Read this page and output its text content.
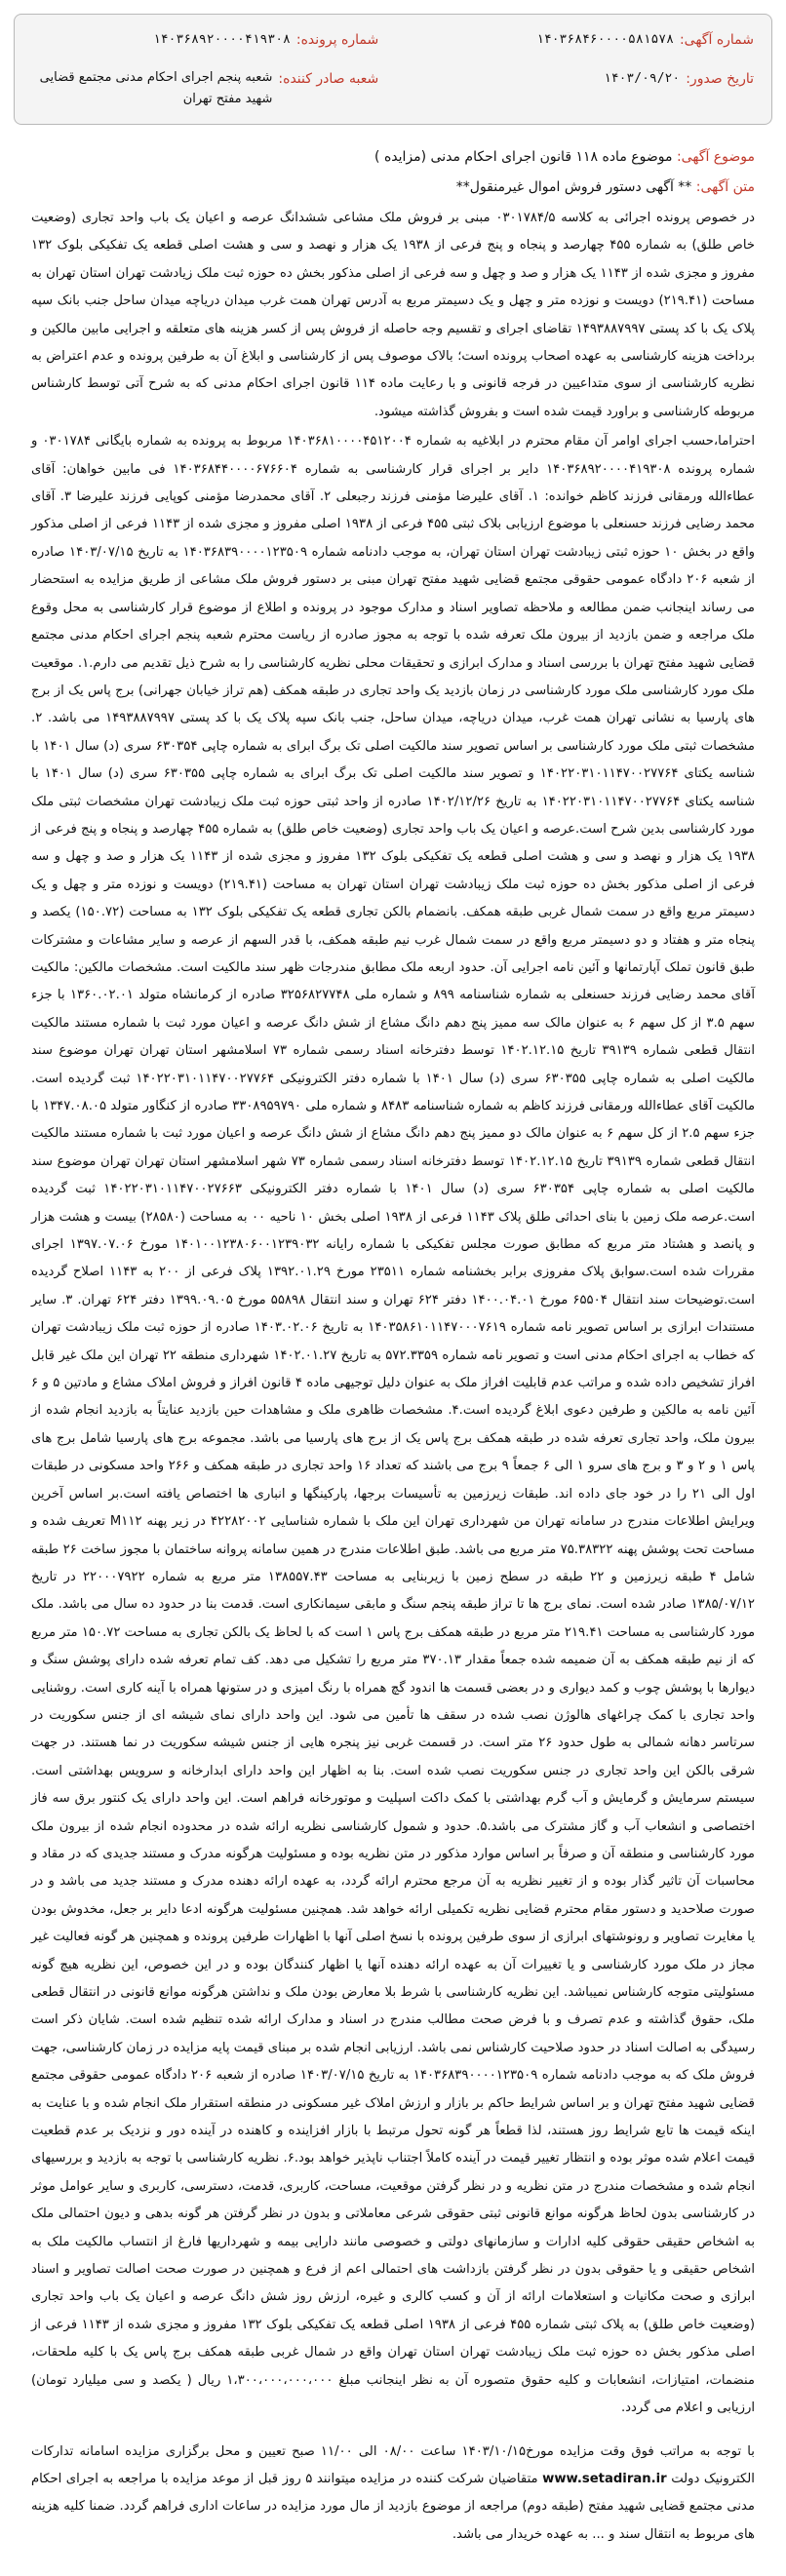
شماره آگهی:
۱۴۰۳۶۸۴۶۰۰۰۰۵۸۱۵۷۸
شماره پرونده:
۱۴۰۳۶۸۹۲۰۰۰۰۴۱۹۳۰۸
تاریخ صدور:
۱۴۰۳/۰۹/۲۰
شعبه صادر کننده:
شعبه پنجم اجرای احکام مدنی مجتمع قضایی شهید مفتح تهران
موضوع آگهی: موضوع ماده ۱۱۸ قانون اجرای احکام مدنی (مزایده )
متن آگهی: ** آگهی دستور فروش اموال غیرمنقول**

در خصوص پرونده اجرائی به کلاسه ۰۳۰۱۷۸۴/۵ مبنی بر فروش ملک مشاعی ششدانگ عرصه و اعیان یک باب واحد تجاری (وضعیت خاص طلق) به شماره ۴۵۵ چهارصد و پنجاه و پنج فرعی از ۱۹۳۸ یک هزار و نهصد و سی و هشت اصلی قطعه یک تفکیکی بلوک ۱۳۲ مفروز و مجزی شده از ۱۱۴۳ یک هزار و صد و چهل و سه فرعی از اصلی مذکور بخش ده حوزه ثبت ملک زیادشت تهران استان تهران به مساحت (۲۱۹.۴۱) دویست و نوزده متر و چهل و یک دسیمتر مربع به آدرس تهران همت غرب میدان دریاچه میدان ساحل جنب بانک سپه پلاک یک با کد پستی ۱۴۹۳۸۸۷۹۹۷ تقاضای اجرای و تقسیم وجه حاصله از فروش پس از کسر هزینه های متعلقه و اجرایی مابین مالکین و برداخت هزینه کارشناسی به عهده اصحاب پرونده است؛ بالاک موصوف پس از کارشناسی و ابلاغ آن به طرفین پرونده و عدم اعتراض به نظریه کارشناسی از سوی متداعیین در فرجه قانونی و با رعایت ماده ۱۱۴ قانون اجرای احکام مدنی که به شرح آتی توسط کارشناس مربوطه کارشناسی و براورد قیمت شده است و بفروش گذاشته میشود.

احتراما،حسب اجرای اوامر آن مقام محترم در ابلاغیه به شماره ۱۴۰۳۶۸۱۰۰۰۰۴۵۱۲۰۰۴ مربوط به پرونده به شماره بایگانی ۰۳۰۱۷۸۴ و شماره پرونده ۱۴۰۳۶۸۹۲۰۰۰۰۴۱۹۳۰۸ دایر بر اجرای قرار کارشناسی به شماره ۱۴۰۳۶۸۴۴۰۰۰۰۶۷۶۶۰۴ فی مابین خواهان: آقای عطاءالله ورمقانی فرزند کاظم خوانده: ۱. آقای علیرضا مؤمنی فرزند رجبعلی ۲. آقای محمدرضا مؤمنی کوپایی فرزند علیرضا ۳. آقای محمد رضایی فرزند حسنعلی با موضوع ارزیابی بلاک ثبتی ۴۵۵ فرعی از ۱۹۳۸ اصلی مفروز و مجزی شده از ۱۱۴۳ فرعی از اصلی مذکور واقع در بخش ۱۰ حوزه ثبتی زیبادشت تهران استان تهران، به موجب دادنامه شماره ۱۴۰۳۶۸۳۹۰۰۰۰۱۲۳۵۰۹ به تاریخ ۱۴۰۳/۰۷/۱۵ صادره از شعبه ۲۰۶ دادگاه عمومی حقوقی مجتمع قضایی شهید مفتح تهران مبنی بر دستور فروش ملک مشاعی از طریق مزایده به استحضار می رساند اینجانب ضمن مطالعه و ملاحظه تصاویر اسناد و مدارک موجود در پرونده و اطلاع از موضوع قرار کارشناسی به محل وقوع ملک مراجعه و ضمن بازدید از بیرون ملک تعرفه شده با توجه به مجوز صادره از ریاست محترم شعبه پنجم اجرای احکام مدنی مجتمع قضایی شهید مفتح تهران با بررسی اسناد و مدارک ابرازی و تحقیقات محلی نظریه کارشناسی را به شرح ذیل تقدیم می دارم.۱. موقعیت ملک مورد کارشناسی ملک مورد کارشناسی در زمان بازدید یک واحد تجاری در طبقه همکف (هم تراز خیابان جهرانی) برج پاس یک از برج های پارسیا به نشانی تهران همت غرب، میدان دریاچه، میدان ساحل، جنب بانک سپه پلاک یک با کد پستی ۱۴۹۳۸۸۷۹۹۷ می باشد. ۲. مشخصات ثبتی ملک مورد کارشناسی بر اساس تصویر سند مالکیت اصلی تک برگ ابرای به شماره چاپی ۶۳۰۳۵۴ سری (د) سال ۱۴۰۱ با شناسه یکتای ۱۴۰۲۲۰۳۱۰۱۱۴۷۰۰۲۷۷۶۴ و تصویر سند مالکیت اصلی تک برگ ابرای به شماره چاپی ۶۳۰۳۵۵ سری (د) سال ۱۴۰۱ با شناسه یکتای ۱۴۰۲۲۰۳۱۰۱۱۴۷۰۰۲۷۷۶۴ به تاریخ ۱۴۰۲/۱۲/۲۶ صادره از واحد ثبتی حوزه ثبت ملک زیبادشت تهران مشخصات ثبتی ملک مورد کارشناسی بدین شرح است.عرصه و اعیان یک باب واحد تجاری (وضعیت خاص طلق) به شماره ۴۵۵ چهارصد و پنجاه و پنج فرعی از ۱۹۳۸ یک هزار و نهصد و سی و هشت اصلی قطعه یک تفکیکی بلوک ۱۳۲ مفروز و مجزی شده از ۱۱۴۳ یک هزار و صد و چهل و سه فرعی از اصلی مذکور بخش ده حوزه ثبت ملک زیبادشت تهران استان تهران به مساحت (۲۱۹.۴۱) دویست و نوزده متر و چهل و یک دسیمتر مربع واقع در سمت شمال غربی طبقه همکف. بانضمام بالکن تجاری قطعه یک تفکیکی بلوک ۱۳۲ به مساحت (۱۵۰.۷۲) یکصد و پنجاه متر و هفتاد و دو دسیمتر مربع واقع در سمت شمال غرب نیم طبقه همکف، با قدر السهم از عرصه و سایر مشاعات و مشترکات طبق قانون تملک آپارتمانها و آئین نامه اجرایی آن. حدود اربعه ملک مطابق مندرجات ظهر سند مالکیت است. مشخصات مالکین: مالکیت آقای محمد رضایی فرزند حسنعلی به شماره شناسنامه ۸۹۹ و شماره ملی ۳۲۵۶۸۲۷۷۴۸ صادره از کرمانشاه متولد ۱۳۶۰.۰۲.۰۱ با جزء سهم ۳.۵ از کل سهم ۶ به عنوان مالک سه ممیز پنج دهم دانگ مشاع از شش دانگ عرصه و اعیان مورد ثبت با شماره مستند مالکیت انتقال قطعی شماره ۳۹۱۳۹ تاریخ ۱۴۰۲.۱۲.۱۵ توسط دفترخانه اسناد رسمی شماره ۷۳ اسلامشهر استان تهران تهران موضوع سند مالکیت اصلی به شماره چاپی ۶۳۰۳۵۵ سری (د) سال ۱۴۰۱ با شماره دفتر الکترونیکی ۱۴۰۲۲۰۳۱۰۱۱۴۷۰۰۲۷۷۶۴ ثبت گردیده است. مالکیت آقای عطاءالله ورمقانی فرزند کاظم به شماره شناسنامه ۸۴۸۳ و شماره ملی ۳۳۰۸۹۵۹۷۹۰ صادره از کنگاور متولد ۱۳۴۷.۰۸.۰۵ با جزء سهم ۲.۵ از کل سهم ۶ به عنوان مالک دو ممیز پنج دهم دانگ مشاع از شش دانگ عرصه و اعیان مورد ثبت با شماره مستند مالکیت انتقال قطعی شماره ۳۹۱۳۹ تاریخ ۱۴۰۲.۱۲.۱۵ توسط دفترخانه اسناد رسمی شماره ۷۳ شهر اسلامشهر استان تهران تهران موضوع سند مالکیت اصلی به شماره چاپی ۶۳۰۳۵۴ سری (د) سال ۱۴۰۱ با شماره دفتر الکترونیکی ۱۴۰۲۲۰۳۱۰۱۱۴۷۰۰۲۷۶۶۳ ثبت گردیده است.عرصه ملک زمین با بنای احداثی طلق پلاک ۱۱۴۳ فرعی از ۱۹۳۸ اصلی بخش ۱۰ ناحیه ۰۰ به مساحت (۲۸۵۸۰) بیست و هشت هزار و پانصد و هشتاد متر مربع که مطابق صورت مجلس تفکیکی با شماره رایانه ۱۴۰۱۰۰۱۲۳۸۰۶۰۰۱۲۳۹۰۳۲ مورخ ۱۳۹۷.۰۷.۰۶ اجرای مقررات شده است.سوابق پلاک مفروزی برابر بخشنامه شماره ۲۳۵۱۱ مورخ ۱۳۹۲.۰۱.۲۹ پلاک فرعی از ۲۰۰ به ۱۱۴۳ اصلاح گردیده است.توضیحات سند انتقال ۶۵۵۰۴ مورخ ۱۴۰۰.۰۴.۰۱ دفتر ۶۲۴ تهران و سند انتقال ۵۵۸۹۸ مورخ ۱۳۹۹.۰۹.۰۵ دفتر ۶۲۴ تهران. ۳. سایر مستندات ابرازی بر اساس تصویر نامه شماره ۱۴۰۳۵۸۶۱۰۱۱۴۷۰۰۰۷۶۱۹ به تاریخ ۱۴۰۳.۰۲.۰۶ صادره از حوزه ثبت ملک زیبادشت تهران که خطاب به اجرای احکام مدنی است و تصویر نامه شماره ۵۷۲.۳۳۵۹ به تاریخ ۱۴۰۲.۰۱.۲۷ شهرداری منطقه ۲۲ تهران این ملک غیر قابل افراز تشخیص داده شده و مراتب عدم قابلیت افراز ملک به عنوان دلیل توجیهی ماده ۴ قانون افراز و فروش املاک مشاع و مادتین ۵ و ۶ آئین نامه به مالکین و طرفین دعوی ابلاغ گردیده است.۴. مشخصات ظاهری ملک و مشاهدات حین بازدید عنایتاً به بازدید انجام شده از بیرون ملک، واحد تجاری تعرفه شده در طبقه همکف برج پاس یک از برج های پارسیا می باشد. مجموعه برج های پارسیا شامل برج های پاس ۱ و ۲ و ۳ و برج های سرو ۱ الی ۶ جمعاً ۹ برج می باشند که تعداد ۱۶ واحد تجاری در طبقه همکف و ۲۶۶ واحد مسکونی در طبقات اول الی ۲۱ را در خود جای داده اند. طبقات زیرزمین به تأسیسات برجها، پارکینگها و انباری ها اختصاص یافته است.بر اساس آخرین ویرایش اطلاعات مندرج در سامانه تهران من شهرداری تهران این ملک با شماره شناسایی ۴۲۲۸۲۰۰۲ در زیر پهنه M۱۱۲ تعریف شده و مساحت تحت پوشش پهنه ۷۵.۳۸۳۲۲ متر مربع می باشد. طبق اطلاعات مندرج در همین سامانه پروانه ساختمان با مجوز ساخت ۲۶ طبقه شامل ۴ طبقه زیرزمین و ۲۲ طبقه در سطح زمین با زیربنایی به مساحت ۱۳۸۵۵۷.۴۳ متر مربع به شماره ۲۲۰۰۰۷۹۲۲ در تاریخ ۱۳۸۵/۰۷/۱۲ صادر شده است. نمای برج ها تا تراز طبقه پنجم سنگ و مابقی سیمانکاری است. قدمت بنا در حدود ده سال می باشد. ملک مورد کارشناسی به مساحت ۲۱۹.۴۱ متر مربع در طبقه همکف برج پاس ۱ است که با لحاظ یک بالکن تجاری به مساحت ۱۵۰.۷۲ متر مربع که از نیم طبقه همکف به آن ضمیمه شده جمعاً مقدار ۳۷۰.۱۳ متر مربع را تشکیل می دهد. کف تمام تعرفه شده دارای پوشش سنگ و دیوارها با پوشش چوب و کمد دیواری و در بعضی قسمت ها اندود گچ همراه با رنگ امیزی و در ستونها همراه با آینه کاری است. روشنایی واحد تجاری با کمک چراغهای هالوژن نصب شده در سقف ها تأمین می شود. این واحد دارای نمای شیشه ای از جنس سکوریت در سرتاسر دهانه شمالی به طول حدود ۲۶ متر است. در قسمت غربی نیز پنجره هایی از جنس شیشه سکوریت در نما هستند. در جهت شرقی بالکن این واحد تجاری در جنس سکوریت نصب شده است. بنا به اظهار این واحد دارای ابدارخانه و سرویس بهداشتی است. سیستم سرمایش و گرمایش و آب گرم بهداشتی با کمک داکت اسپلیت و موتورخانه فراهم است. این واحد دارای یک کنتور برق سه فاز اختصاصی و انشعاب آب و گاز مشترک می باشد.۵. حدود و شمول کارشناسی نظریه ارائه شده در محدوده انجام شده از بیرون ملک مورد کارشناسی و منطقه آن و صرفاً بر اساس موارد مذکور در متن نظریه بوده و مسئولیت هرگونه مدرک و مستند جدیدی که در مقاد و محاسبات آن تاثیر گذار بوده و از تغییر نظریه به آن مرجع محترم ارائه گردد، به عهده ارائه دهنده مدرک و مستند جدید می باشد و در صورت صلاحدید و دستور مقام محترم قضایی نظریه تکمیلی ارائه خواهد شد. همچنین مسئولیت هرگونه ادعا دایر بر جعل، مخدوش بودن یا مغایرت تصاویر و رونوشتهای ابرازی از سوی طرفین پرونده با نسخ اصلی آنها با اظهارات طرفین پرونده و همچنین هر گونه فعالیت غیر مجاز در ملک مورد کارشناسی و یا تغییرات آن به عهده ارائه دهنده آنها یا اظهار کنندگان بوده و در این خصوص، این نظریه هیچ گونه مسئولیتی متوجه کارشناس نمیباشد. این نظریه کارشناسی با شرط بلا معارض بودن ملک و نداشتن هرگونه موانع قانونی در انتقال قطعی ملک، حقوق گذاشته و عدم تصرف و با فرض صحت مطالب مندرج در اسناد و مدارک ارائه شده تنظیم شده است. شایان ذکر است رسیدگی به اصالت اسناد در حدود صلاحیت کارشناس نمی باشد. ارزیابی انجام شده بر مبنای قیمت پایه مزایده در زمان کارشناسی، جهت فروش ملک که به موجب دادنامه شماره ۱۴۰۳۶۸۳۹۰۰۰۰۱۲۳۵۰۹ به تاریخ ۱۴۰۳/۰۷/۱۵ صادره از شعبه ۲۰۶ دادگاه عمومی حقوقی مجتمع قضایی شهید مفتح تهران و بر اساس شرایط حاکم بر بازار و ارزش املاک غیر مسکونی در منطقه استقرار ملک انجام شده و با عنایت به اینکه قیمت ها تابع شرایط روز هستند، لذا قطعاً هر گونه تحول مرتبط با بازار افزاینده و کاهنده در آینده دور و نزدیک بر عدم قطعیت قیمت اعلام شده موثر بوده و انتظار تغییر قیمت در آینده کاملاً اجتناب ناپذیر خواهد بود.۶. نظریه کارشناسی با توجه به بازدید و بررسیهای انجام شده و مشخصات مندرج در متن نظریه و در نظر گرفتن موقعیت، مساحت، کاربری، قدمت، دسترسی، کاربری و سایر عوامل موثر در کارشناسی بدون لحاظ هرگونه موانع قانونی ثبتی حقوقی شرعی معاملاتی و بدون در نظر گرفتن هر گونه بدهی و دیون احتمالی ملک به اشخاص حقیقی حقوقی کلیه ادارات و سازمانهای دولتی و خصوصی مانند دارایی بیمه و شهرداریها فارغ از انتساب مالکیت ملک به اشخاص حقیقی و یا حقوقی بدون در نظر گرفتن بازداشت های احتمالی اعم از فرع و همچنین در صورت صحت اصالت تصاویر و اسناد ابرازی و صحت مکانیات و استعلامات ارائه از آن و کسب کالری و غیره، ارزش روز شش دانگ عرصه و اعیان یک باب واحد تجاری (وضعیت خاص طلق) به پلاک ثبتی شماره ۴۵۵ فرعی از ۱۹۳۸ اصلی قطعه یک تفکیکی بلوک ۱۳۲ مفروز و مجزی شده از ۱۱۴۳ فرعی از اصلی مذکور بخش ده حوزه ثبت ملک زیبادشت تهران استان تهران واقع در شمال غربی طبقه همکف برج پاس یک با کلیه ملحقات، منضمات، امتیازات، انشعابات و کلیه حقوق متصوره آن به نظر اینجانب مبلغ ۱،۳۰۰،۰۰۰،۰۰۰،۰۰۰ ریال ( یکصد و سی میلیارد تومان) ارزیابی و اعلام می گردد.

با توجه به مراتب فوق وقت مزایده مورخ۱۴۰۳/۱۰/۱۵ ساعت ۰۸/۰۰ الی ۱۱/۰۰ صبح تعیین و محل برگزاری مزایده اسامانه تدارکات الکترونیک دولت www.setadiran.ir متقاضیان شرکت کننده در مزایده میتوانند ۵ روز قبل از موعد مزایده با مراجعه به اجرای احکام مدنی مجتمع قضایی شهید مفتح (طبقه دوم) مراجعه از موضوع بازدید از مال مورد مزایده در ساعات اداری فراهم گردد. ضمنا کلیه هزینه های مربوط به انتقال سند و ... به عهده خریدار می باشد.
